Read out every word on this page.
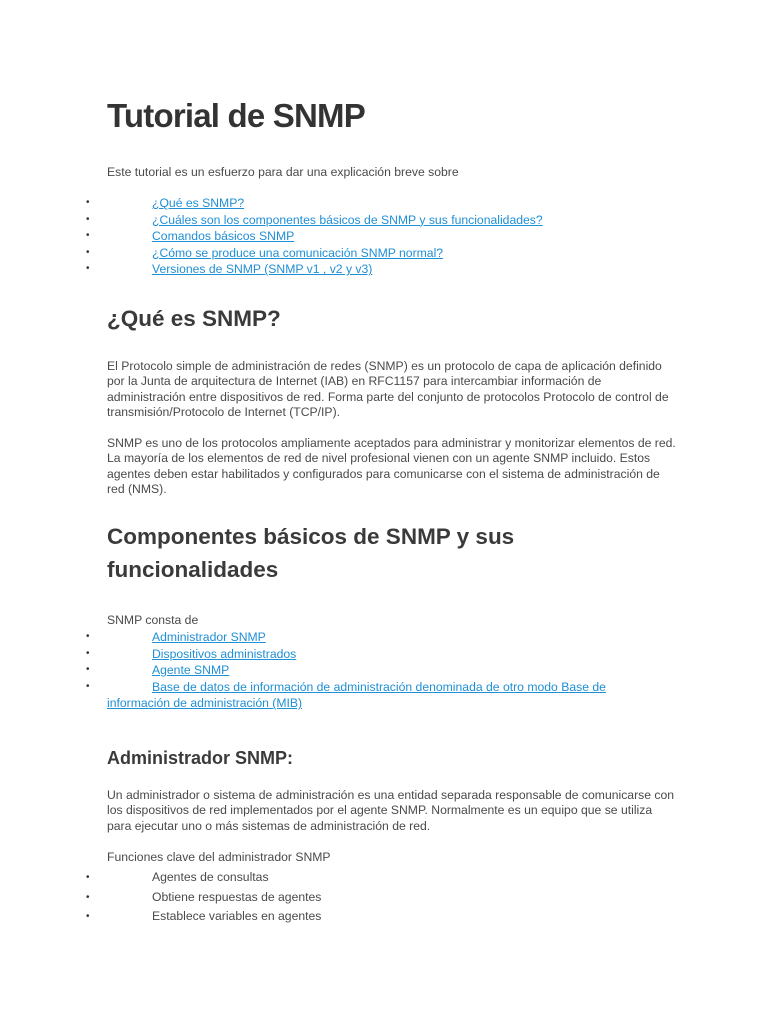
Tutorial de SNMP

Este tutorial es un esfuerzo para dar una explicación breve sobre

•	¿Qué es SNMP?
•	¿Cuáles son los componentes básicos de SNMP y sus funcionalidades?
•	Comandos básicos SNMP
•	¿Cómo se produce una comunicación SNMP normal?
•	Versiones de SNMP (SNMP v1 , v2 y v3)
¿Qué es SNMP?

El Protocolo simple de administración de redes (SNMP) es un protocolo de capa de aplicación definido por la Junta de arquitectura de Internet (IAB) en RFC1157 para intercambiar información de administración entre dispositivos de red. Forma parte del conjunto de protocolos Protocolo de control de transmisión/Protocolo de Internet (TCP/IP).

SNMP es uno de los protocolos ampliamente aceptados para administrar y monitorizar elementos de red. La mayoría de los elementos de red de nivel profesional vienen con un agente SNMP incluido. Estos agentes deben estar habilitados y configurados para comunicarse con el sistema de administración de red (NMS).

Componentes básicos de SNMP y sus funcionalidades

SNMP consta de

•	Administrador SNMP
•	Dispositivos administrados
•	Agente SNMP
•	Base de datos de información de administración denominada de otro modo Base de información de administración (MIB)
Administrador SNMP:

Un administrador o sistema de administración es una entidad separada responsable de comunicarse con los dispositivos de red implementados por el agente SNMP. Normalmente es un equipo que se utiliza para ejecutar uno o más sistemas de administración de red.

Funciones clave del administrador SNMP

•	Agentes de consultas
•	Obtiene respuestas de agentes
•	Establece variables en agentes
